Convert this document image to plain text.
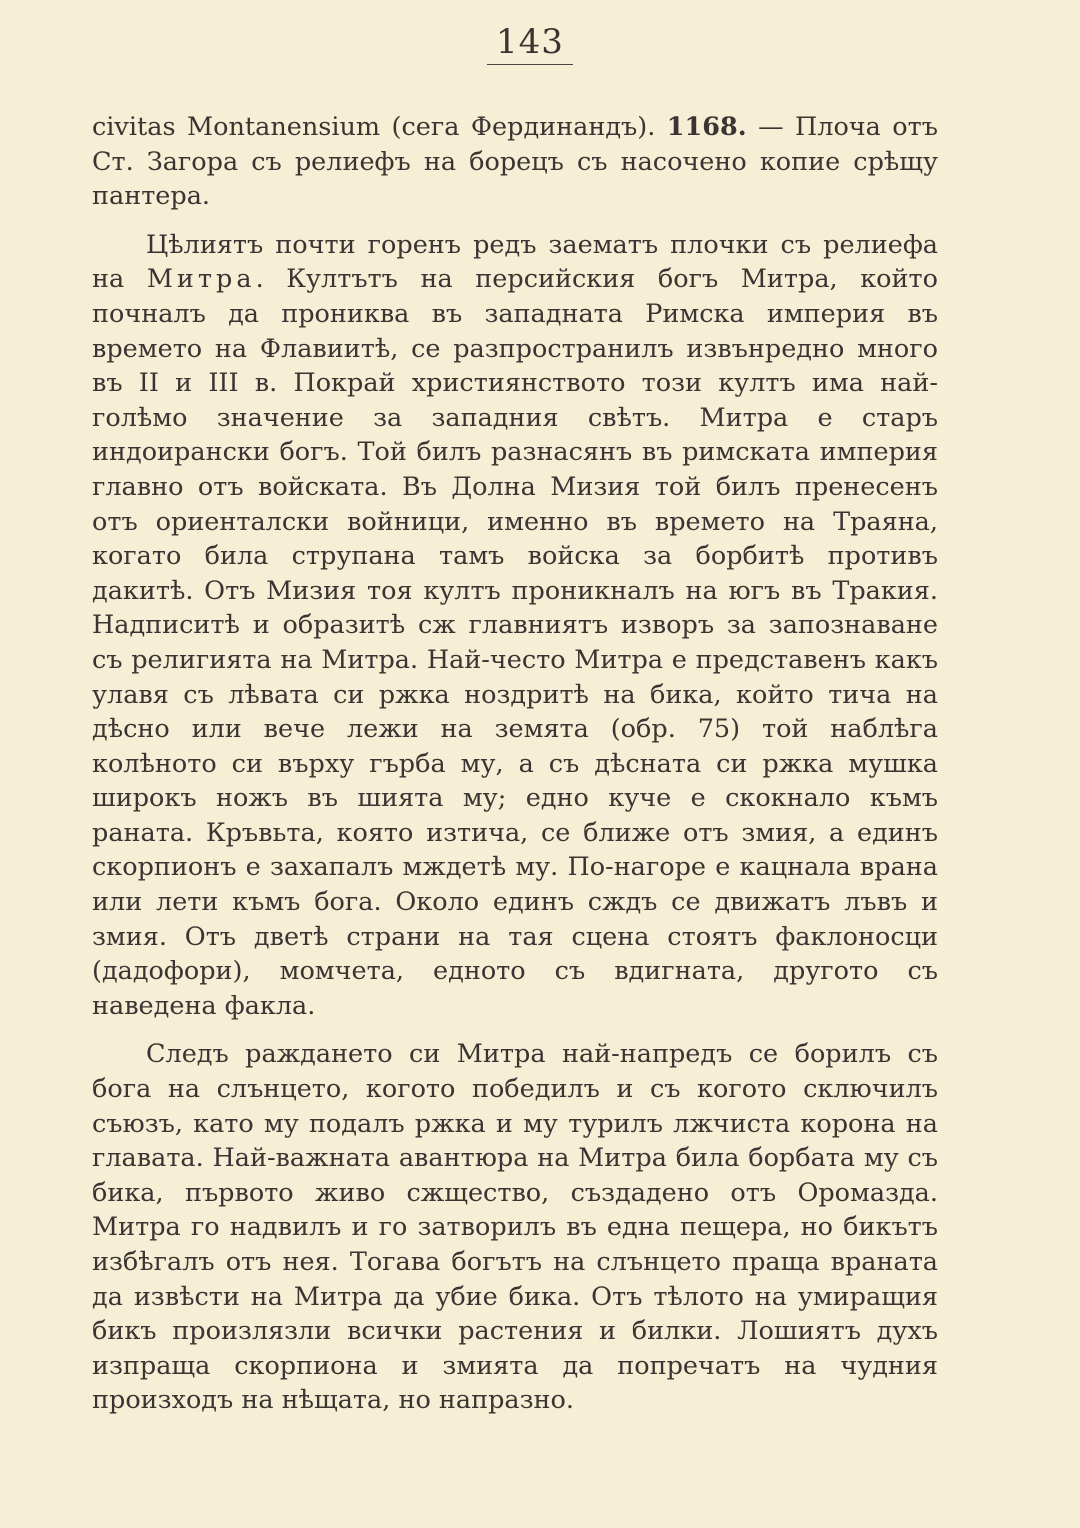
143

civitas Montanensium (сега Фердинандъ). 1168. — Плоча отъ Ст. Загора съ релиефъ на борецъ съ насочено копие срѣщу пантера.

Цѣлиятъ почти горенъ редъ заематъ плочки съ релиефа на Митра. Култътъ на персийския богъ Митра, който почналъ да прониква въ западната Римска империя въ времето на Флавиитѣ, се разпространилъ извънредно много въ II и III в. Покрай християнството този култъ има най-голѣмо значение за западния свѣтъ. Митра е старъ индоирански богъ. Той билъ разнасянъ въ римската империя главно отъ войската. Въ Долна Мизия той билъ пренесенъ отъ ориенталски войници, именно въ времето на Траяна, когато била струпана тамъ войска за борбитѣ противъ дакитѣ. Отъ Мизия тоя култъ проникналъ на югъ въ Тракия. Надписитѣ и образитѣ сж главниятъ изворъ за запознаване съ религията на Митра. Най-често Митра е представенъ какъ улавя съ лѣвата си ржка ноздритѣ на бика, който тича на дѣсно или вече лежи на земята (обр. 75) той наблѣга колѣното си върху гърба му, а съ дѣсната си ржка мушка широкъ ножъ въ шията му; едно куче е скокнало къмъ раната. Кръвьта, която изтича, се ближе отъ змия, а единъ скорпионъ е захапалъ мждетѣ му. По-нагоре е кацнала врана или лети къмъ бога. Около единъ сждъ се движатъ лъвъ и змия. Отъ дветѣ страни на тая сцена стоятъ факлоносци (дадофори), момчета, едното съ вдигната, другото съ наведена факла.

Следъ раждането си Митра най-напредъ се борилъ съ бога на слънцето, когото победилъ и съ когото сключилъ съюзъ, като му подалъ ржка и му турилъ лжчиста корона на главата. Най-важната авантюра на Митра била борбата му съ бика, първото живо сжщество, създадено отъ Оромазда. Митра го надвилъ и го затворилъ въ една пещера, но бикътъ избѣгалъ отъ нея. Тогава богътъ на слънцето праща враната да извѣсти на Митра да убие бика. Отъ тѣлото на умиращия бикъ произлязли всички растения и билки. Лошиятъ духъ изпраща скорпиона и змията да попречатъ на чудния произходъ на нѣщата, но напразно.
